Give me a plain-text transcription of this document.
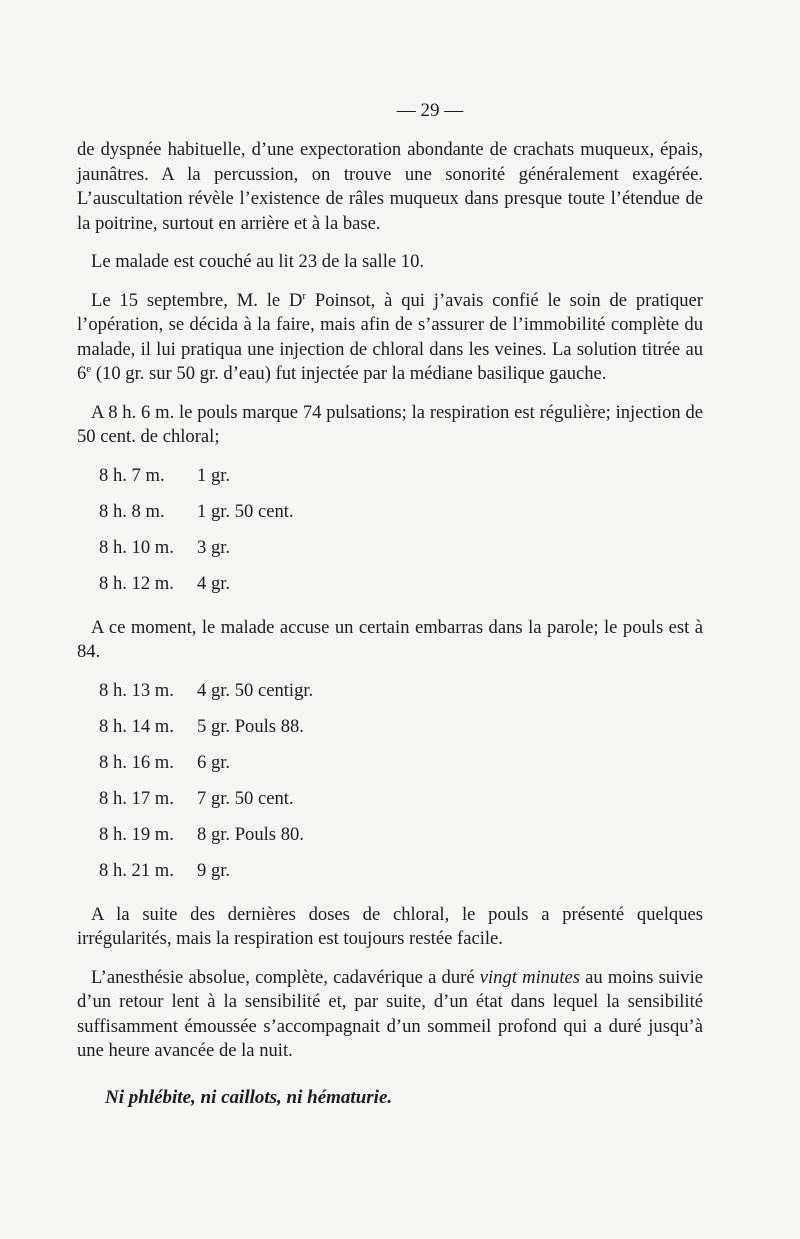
— 29 —

de dyspnée habituelle, d’une expectoration abondante de crachats muqueux, épais, jaunâtres. A la percussion, on trouve une sonorité généralement exagérée. L’auscultation révèle l’existence de râles muqueux dans presque toute l’étendue de la poitrine, surtout en arrière et à la base.

Le malade est couché au lit 23 de la salle 10.

Le 15 septembre, M. le $D^r$ Poinsot, à qui j’avais confié le soin de pratiquer l’opération, se décida à la faire, mais afin de s’assurer de l’immobilité complète du malade, il lui pratiqua une injection de chloral dans les veines. La solution titrée au 6e (10 gr. sur 50 gr. d’eau) fut injectée par la médiane basilique gauche.

A 8 h. 6 m. le pouls marque 74 pulsations; la respiration est régulière; injection de 50 cent. de chloral;

8 h. 7 m. 1 gr.
8 h. 8 m. 1 gr. 50 cent.
8 h. 10 m. 3 gr.
8 h. 12 m. 4 gr.

A ce moment, le malade accuse un certain embarras dans la parole; le pouls est à 84.

8 h. 13 m. 4 gr. 50 centigr.
8 h. 14 m. 5 gr. Pouls 88.
8 h. 16 m. 6 gr.
8 h. 17 m. 7 gr. 50 cent.
8 h. 19 m. 8 gr. Pouls 80.
8 h. 21 m. 9 gr.

A la suite des dernières doses de chloral, le pouls a présenté quelques irrégularités, mais la respiration est toujours restée facile.

L’anesthésie absolue, complète, cadavérique a duré vingt minutes au moins suivie d’un retour lent à la sensibilité et, par suite, d’un état dans lequel la sensibilité suffisamment émoussée s’accompagnait d’un sommeil profond qui a duré jusqu’à une heure avancée de la nuit.

Ni phlébite, ni caillots, ni hématurie.
